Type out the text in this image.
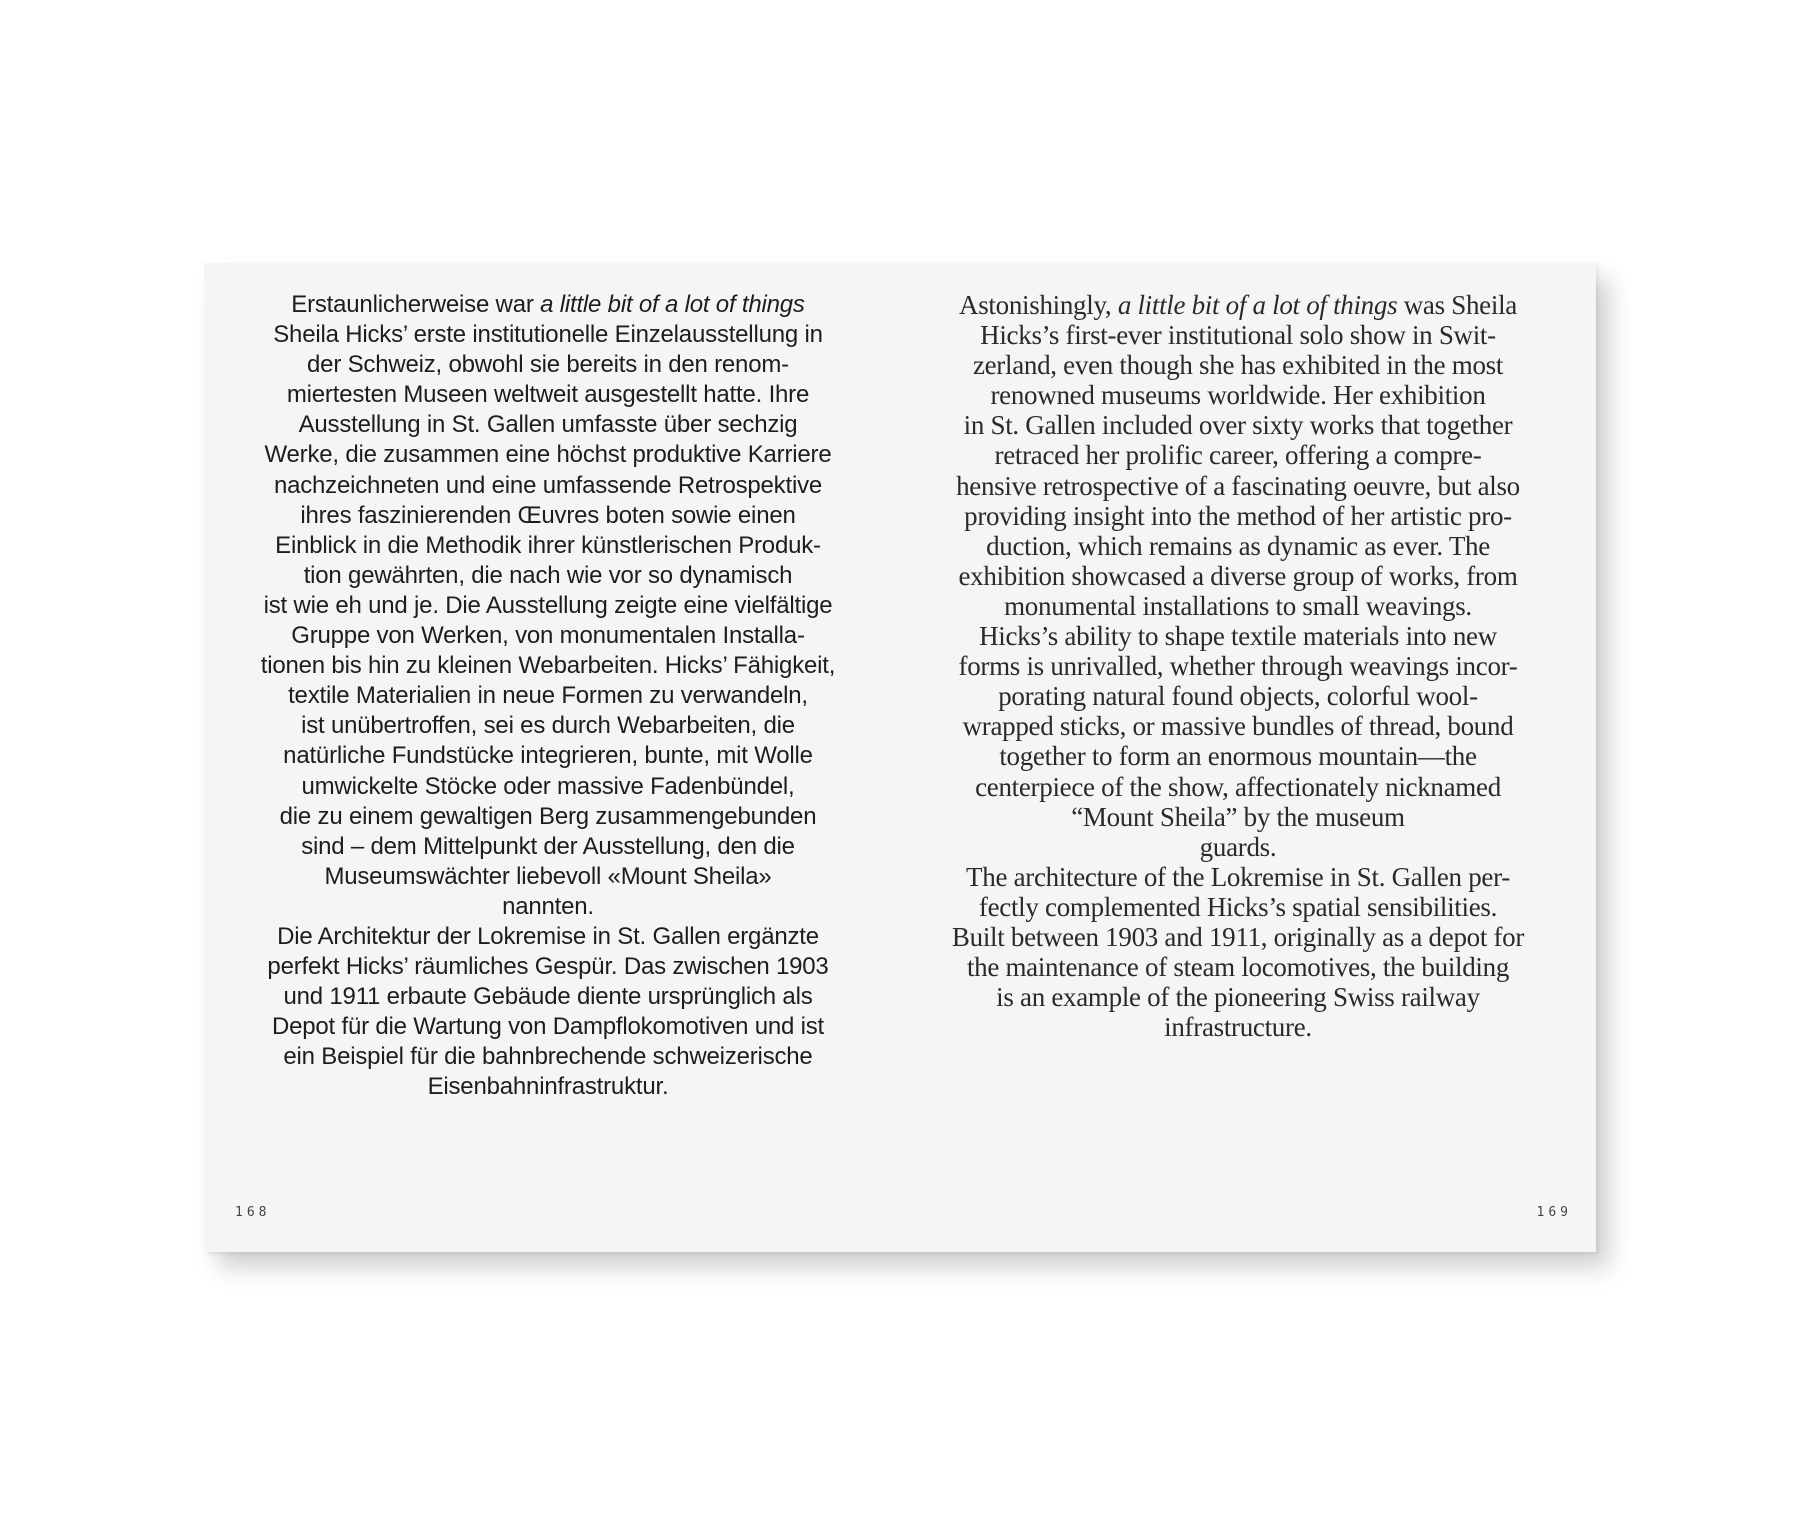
Erstaunlicherweise war a little bit of a lot of things
Sheila Hicks’ erste institutionelle Einzelausstellung in
der Schweiz, obwohl sie bereits in den renom-
miertesten Museen weltweit ausgestellt hatte. Ihre
Ausstellung in St. Gallen umfasste über sechzig
Werke, die zusammen eine höchst produktive Karriere
nachzeichneten und eine umfassende Retrospektive
ihres faszinierenden Œuvres boten sowie einen
Einblick in die Methodik ihrer künstlerischen Produk-
tion gewährten, die nach wie vor so dynamisch
ist wie eh und je. Die Ausstellung zeigte eine vielfältige
Gruppe von Werken, von monumentalen Installa-
tionen bis hin zu kleinen Webarbeiten. Hicks’ Fähigkeit,
textile Materialien in neue Formen zu verwandeln,
ist unübertroffen, sei es durch Webarbeiten, die
natürliche Fundstücke integrieren, bunte, mit Wolle
umwickelte Stöcke oder massive Fadenbündel,
die zu einem gewaltigen Berg zusammengebunden
sind – dem Mittelpunkt der Ausstellung, den die
Museumswächter liebevoll «Mount Sheila»
nannten.

Die Architektur der Lokremise in St. Gallen ergänzte
perfekt Hicks’ räumliches Gespür. Das zwischen 1903
und 1911 erbaute Gebäude diente ursprünglich als
Depot für die Wartung von Dampflokomotiven und ist
ein Beispiel für die bahnbrechende schweizerische
Eisenbahninfrastruktur.

168

Astonishingly, a little bit of a lot of things was Sheila
Hicks’s first-ever institutional solo show in Swit-
zerland, even though she has exhibited in the most
renowned museums worldwide. Her exhibition
in St. Gallen included over sixty works that together
retraced her prolific career, offering a compre-
hensive retrospective of a fascinating oeuvre, but also
providing insight into the method of her artistic pro-
duction, which remains as dynamic as ever. The
exhibition showcased a diverse group of works, from
monumental installations to small weavings.

Hicks’s ability to shape textile materials into new
forms is unrivalled, whether through weavings incor-
porating natural found objects, colorful wool-
wrapped sticks, or massive bundles of thread, bound
together to form an enormous mountain—the
centerpiece of the show, affectionately nicknamed
“Mount Sheila” by the museum
guards.

The architecture of the Lokremise in St. Gallen per-
fectly complemented Hicks’s spatial sensibilities.
Built between 1903 and 1911, originally as a depot for
the maintenance of steam locomotives, the building
is an example of the pioneering Swiss railway
infrastructure.

169
